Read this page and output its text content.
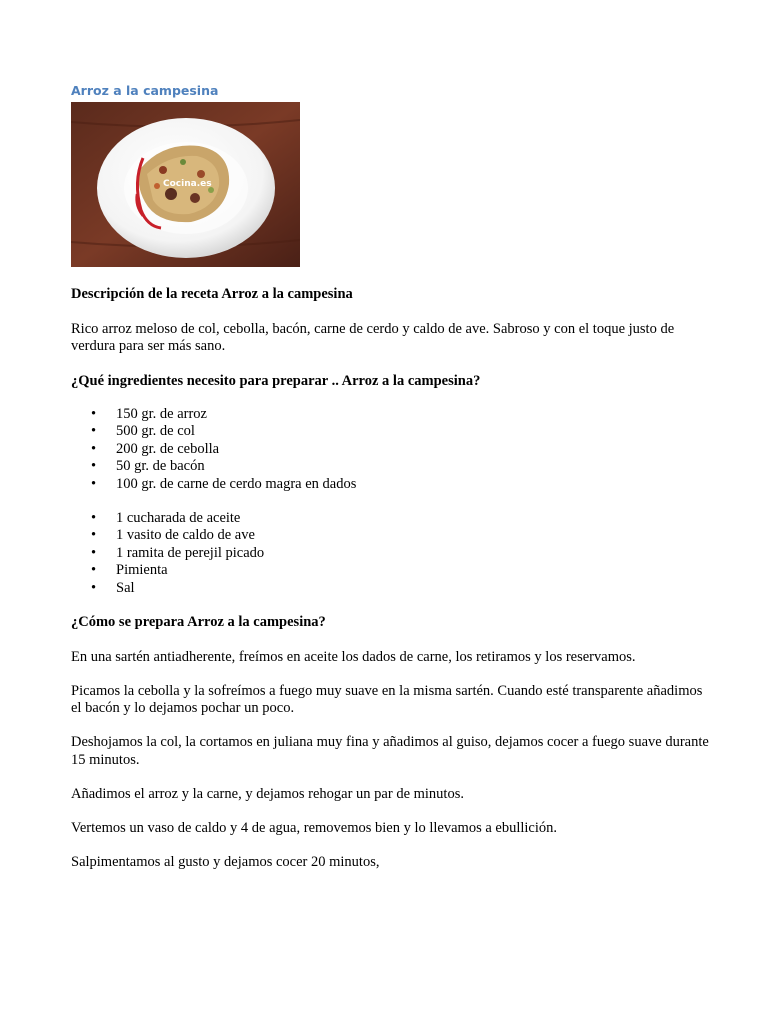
Arroz a la campesina
Cocina.es
Descripción de la receta Arroz a la campesina

Rico arroz meloso de col, cebolla, bacón, carne de cerdo y caldo de ave. Sabroso y con el toque justo de verdura para ser más sano.

¿Qué ingredientes necesito para preparar .. Arroz a la campesina?
• 150 gr. de arroz
• 500 gr. de col
• 200 gr. de cebolla
• 50 gr. de bacón
• 100 gr. de carne de cerdo magra en dados
• 1 cucharada de aceite
• 1 vasito de caldo de ave
• 1 ramita de perejil picado
• Pimienta
• Sal
¿Cómo se prepara Arroz a la campesina?

En una sartén antiadherente, freímos en aceite los dados de carne, los retiramos y los reservamos.

Picamos la cebolla y la sofreímos a fuego muy suave en la misma sartén. Cuando esté transparente añadimos el bacón y lo dejamos pochar un poco.

Deshojamos la col, la cortamos en juliana muy fina y añadimos al guiso, dejamos cocer a fuego suave durante 15 minutos.

Añadimos el arroz y la carne, y dejamos rehogar un par de minutos.

Vertemos un vaso de caldo y 4 de agua, removemos bien y lo llevamos a ebullición.

Salpimentamos al gusto y dejamos cocer 20 minutos,
